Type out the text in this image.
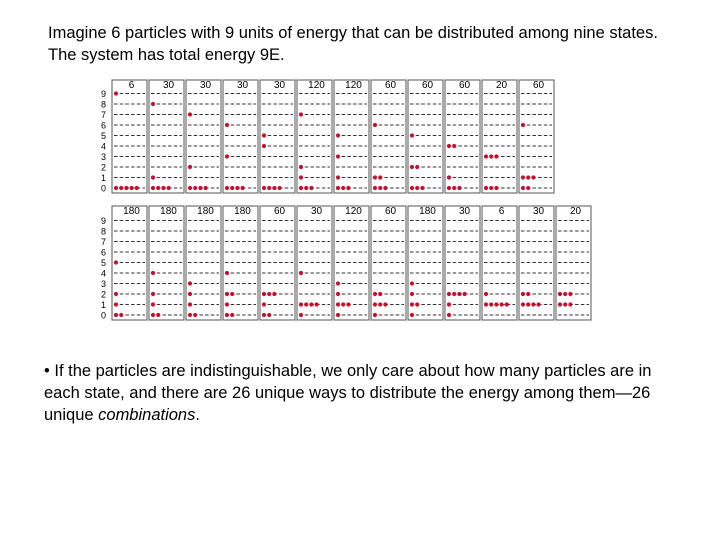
Imagine 6 particles with 9 units of energy that can be distributed among nine states. The system has total energy 9E.

0
1
2
3
4
5
6
7
8
9
6	30	30	30	30 120 120 60	60	60	20	60
0
1
2
3
4
5
6
7
8
9
180 180 180 180 60	30 120 60 180 30	6	30	20

• If the particles are indistinguishable, we only care about how many particles are in each state, and there are 26 unique ways to distribute the energy among them—26 unique combinations.
